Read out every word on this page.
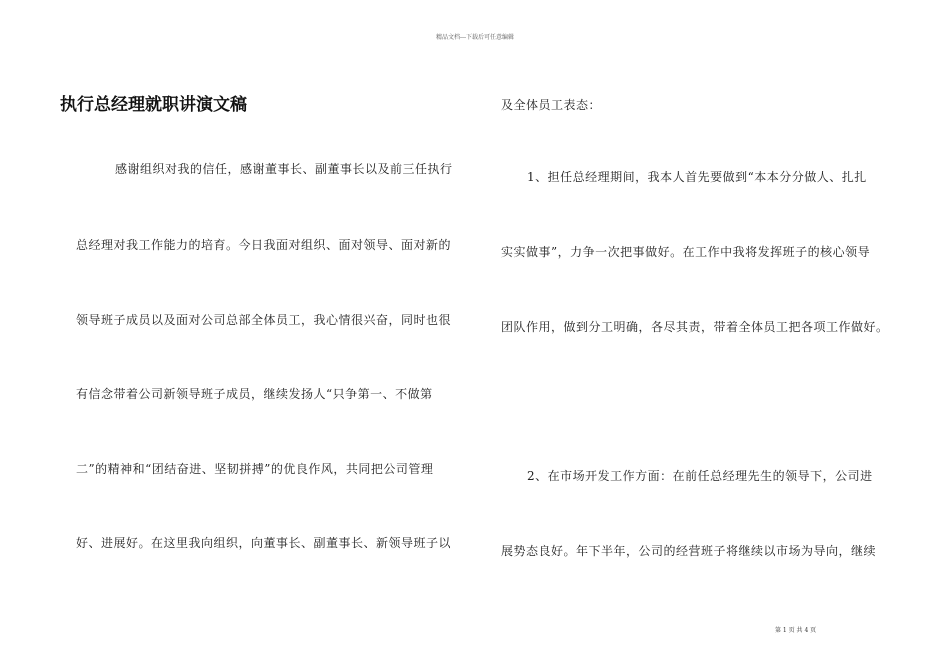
精品文档---下载后可任意编辑
执行总经理就职讲演文稿
感谢组织对我的信任，感谢董事长、副董事长以及前三任执行
总经理对我工作能力的培育。今日我面对组织、面对领导、面对新的
领导班子成员以及面对公司总部全体员工，我心情很兴奋，同时也很
有信念带着公司新领导班子成员，继续发扬人“只争第一、不做第
二”的精神和“团结奋进、坚韧拼搏”的优良作风，共同把公司管理
好、进展好。在这里我向组织，向董事长、副董事长、新领导班子以
及全体员工表态：
1、担任总经理期间，我本人首先要做到“本本分分做人、扎扎
实实做事”，力争一次把事做好。在工作中我将发挥班子的核心领导
团队作用，做到分工明确，各尽其责，带着全体员工把各项工作做好。
2、在市场开发工作方面：在前任总经理先生的领导下，公司进
展势态良好。年下半年，公司的经营班子将继续以市场为导向，继续
第 1 页 共 4 页
